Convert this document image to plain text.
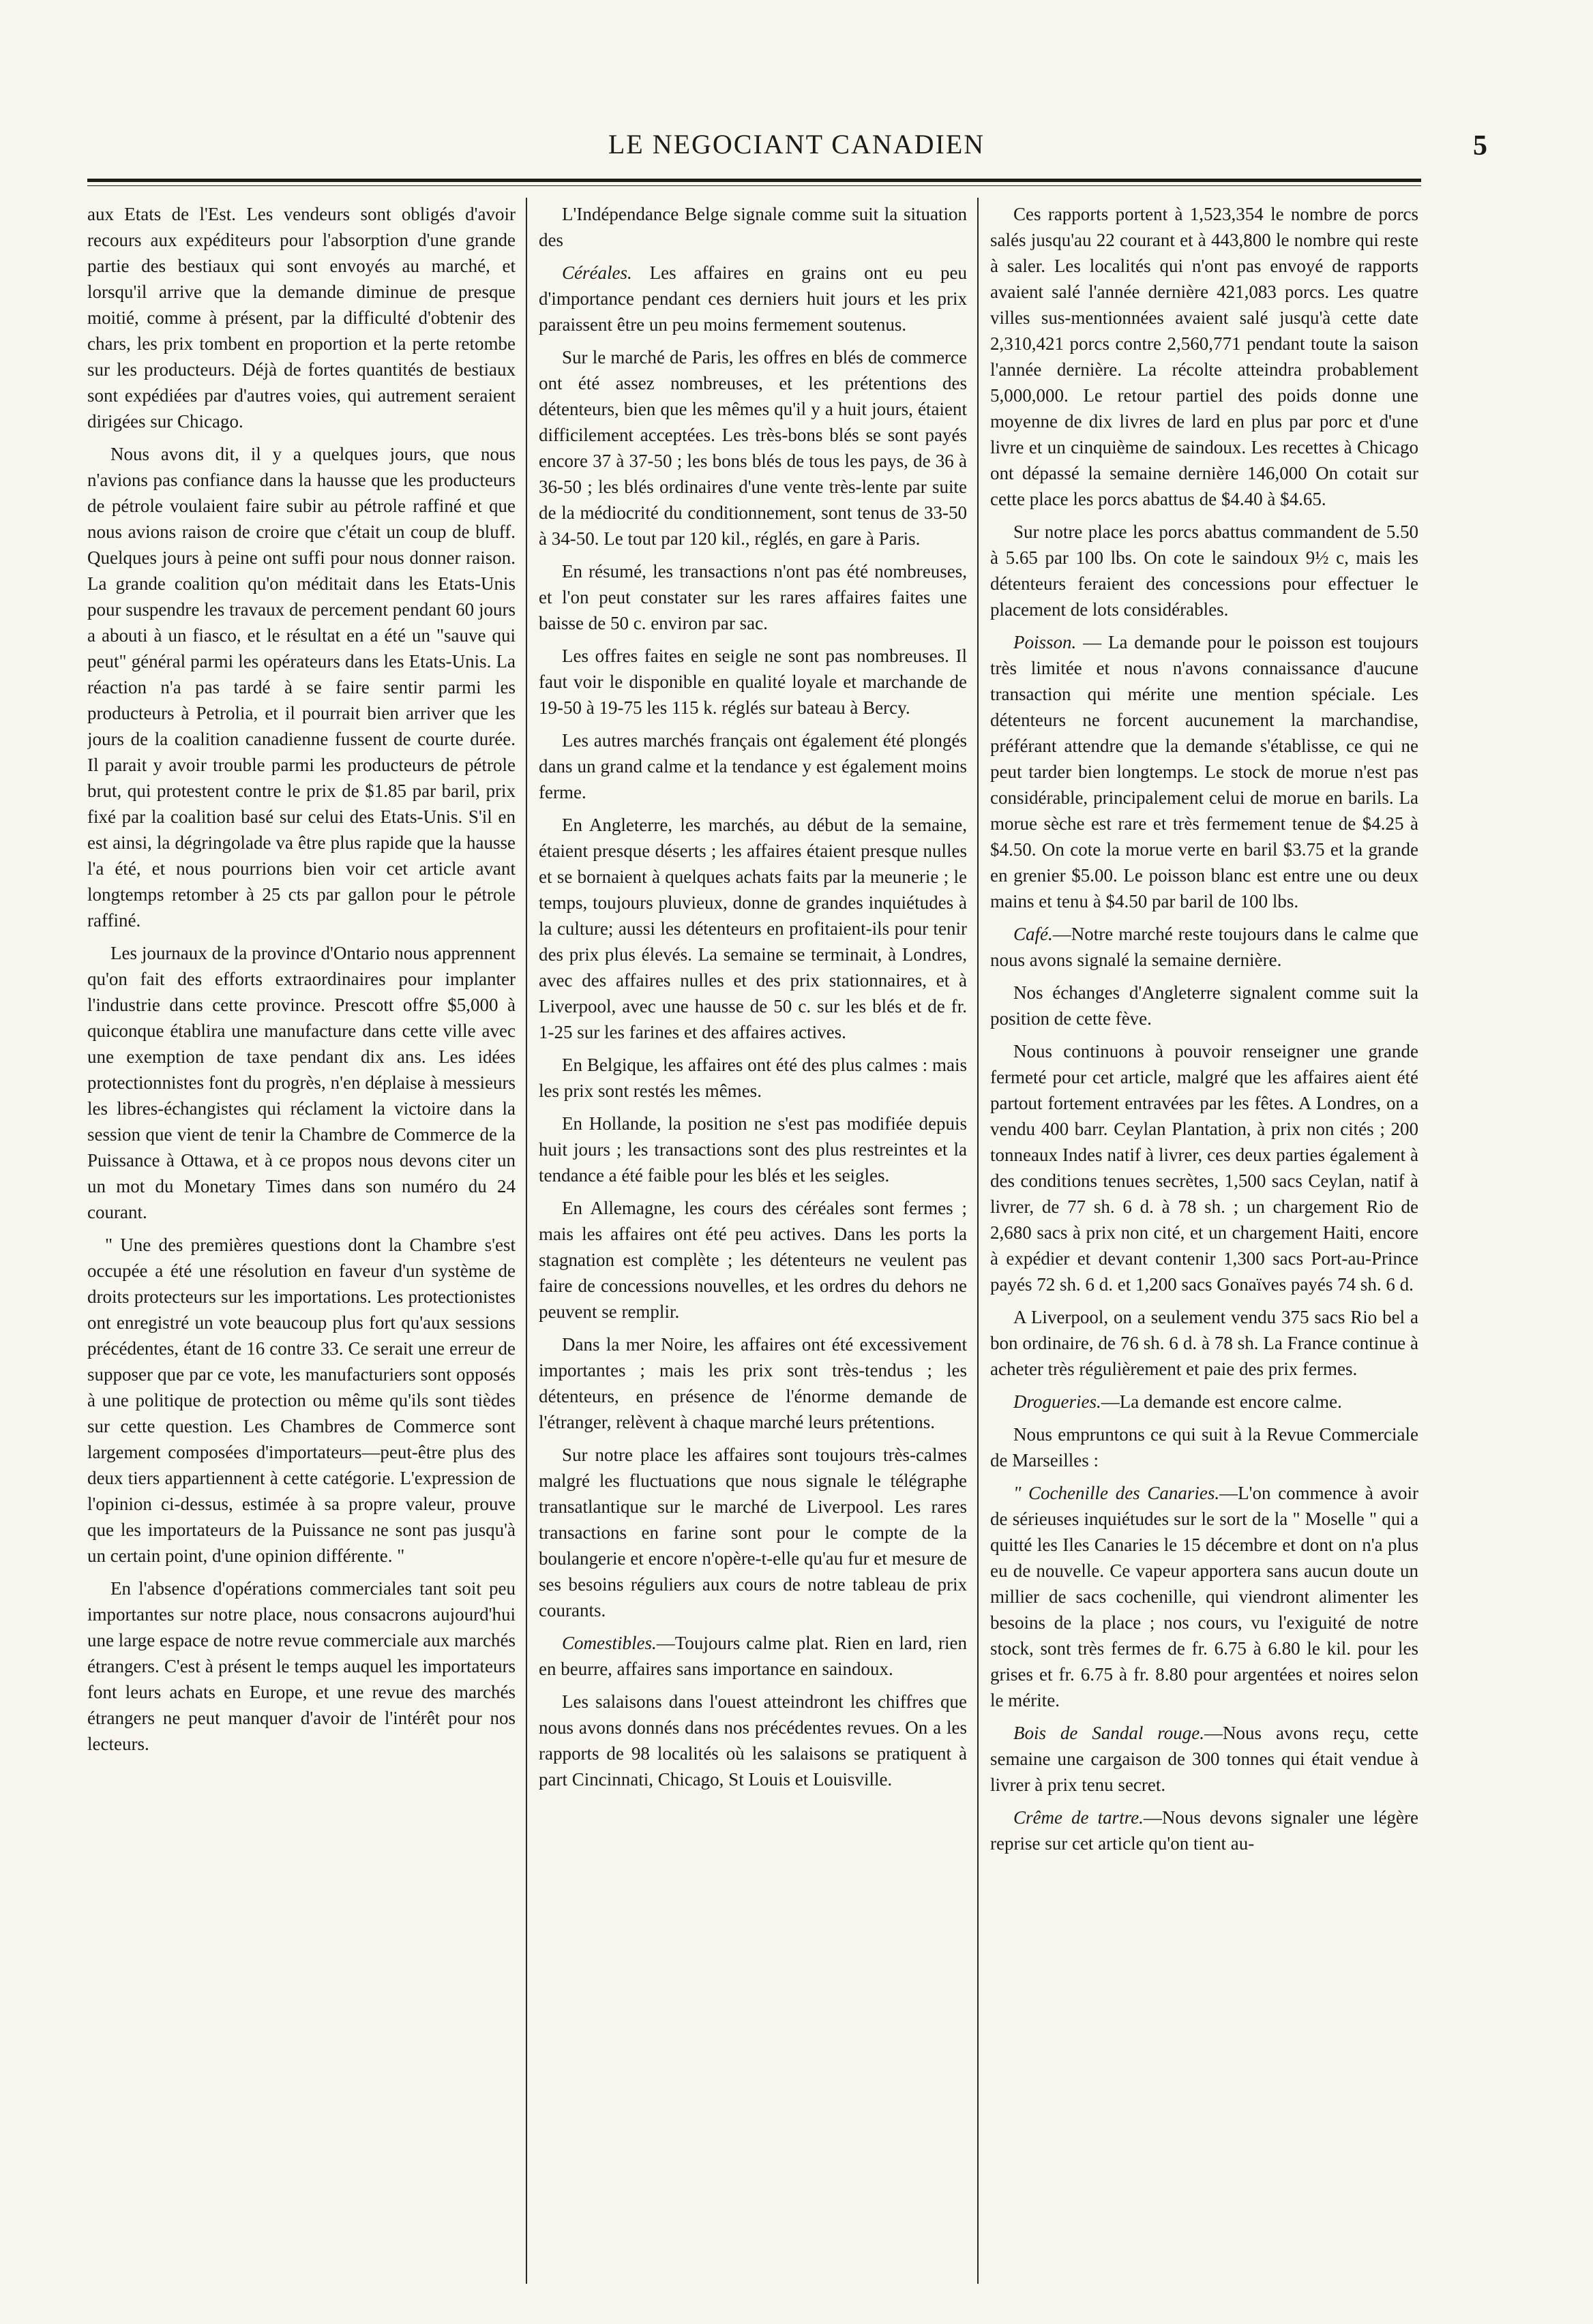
LE NEGOCIANT CANADIEN	5

aux Etats de l'Est. Les vendeurs sont obligés d'avoir recours aux expéditeurs pour l'absorption d'une grande partie des bestiaux qui sont envoyés au marché, et lorsqu'il arrive que la demande diminue de presque moitié, comme à présent, par la difficulté d'obtenir des chars, les prix tombent en proportion et la perte retombe sur les producteurs. Déjà de fortes quantités de bestiaux sont expédiées par d'autres voies, qui autrement seraient dirigées sur Chicago.

Nous avons dit, il y a quelques jours, que nous n'avions pas confiance dans la hausse que les producteurs de pétrole voulaient faire subir au pétrole raffiné et que nous avions raison de croire que c'était un coup de bluff. Quelques jours à peine ont suffi pour nous donner raison. La grande coalition qu'on méditait dans les Etats-Unis pour suspendre les travaux de percement pendant 60 jours a abouti à un fiasco, et le résultat en a été un "sauve qui peut" général parmi les opérateurs dans les Etats-Unis. La réaction n'a pas tardé à se faire sentir parmi les producteurs à Petrolia, et il pourrait bien arriver que les jours de la coalition canadienne fussent de courte durée. Il parait y avoir trouble parmi les producteurs de pétrole brut, qui protestent contre le prix de $1.85 par baril, prix fixé par la coalition basé sur celui des Etats-Unis. S'il en est ainsi, la dégringolade va être plus rapide que la hausse l'a été, et nous pourrions bien voir cet article avant longtemps retomber à 25 cts par gallon pour le pétrole raffiné.

Les journaux de la province d'Ontario nous apprennent qu'on fait des efforts extraordinaires pour implanter l'industrie dans cette province. Prescott offre $5,000 à quiconque établira une manufacture dans cette ville avec une exemption de taxe pendant dix ans. Les idées protectionnistes font du progrès, n'en déplaise à messieurs les libres-échangistes qui réclament la victoire dans la session que vient de tenir la Chambre de Commerce de la Puissance à Ottawa, et à ce propos nous devons citer un un mot du Monetary Times dans son numéro du 24 courant.

" Une des premières questions dont la Chambre s'est occupée a été une résolution en faveur d'un système de droits protecteurs sur les importations. Les protectionistes ont enregistré un vote beaucoup plus fort qu'aux sessions précédentes, étant de 16 contre 33. Ce serait une erreur de supposer que par ce vote, les manufacturiers sont opposés à une politique de protection ou même qu'ils sont tièdes sur cette question. Les Chambres de Commerce sont largement composées d'importateurs—peut-être plus des deux tiers appartiennent à cette catégorie. L'expression de l'opinion ci-dessus, estimée à sa propre valeur, prouve que les importateurs de la Puissance ne sont pas jusqu'à un certain point, d'une opinion différente. "

En l'absence d'opérations commerciales tant soit peu importantes sur notre place, nous consacrons aujourd'hui une large espace de notre revue commerciale aux marchés étrangers. C'est à présent le temps auquel les importateurs font leurs achats en Europe, et une revue des marchés étrangers ne peut manquer d'avoir de l'intérêt pour nos lecteurs.

L'Indépendance Belge signale comme suit la situation des

Céréales. Les affaires en grains ont eu peu d'importance pendant ces derniers huit jours et les prix paraissent être un peu moins fermement soutenus.

Sur le marché de Paris, les offres en blés de commerce ont été assez nombreuses, et les prétentions des détenteurs, bien que les mêmes qu'il y a huit jours, étaient difficilement acceptées. Les très-bons blés se sont payés encore 37 à 37-50 ; les bons blés de tous les pays, de 36 à 36-50 ; les blés ordinaires d'une vente très-lente par suite de la médiocrité du conditionnement, sont tenus de 33-50 à 34-50. Le tout par 120 kil., réglés, en gare à Paris.

En résumé, les transactions n'ont pas été nombreuses, et l'on peut constater sur les rares affaires faites une baisse de 50 c. environ par sac.

Les offres faites en seigle ne sont pas nombreuses. Il faut voir le disponible en qualité loyale et marchande de 19-50 à 19-75 les 115 k. réglés sur bateau à Bercy.

Les autres marchés français ont également été plongés dans un grand calme et la tendance y est également moins ferme.

En Angleterre, les marchés, au début de la semaine, étaient presque déserts ; les affaires étaient presque nulles et se bornaient à quelques achats faits par la meunerie ; le temps, toujours pluvieux, donne de grandes inquiétudes à la culture; aussi les détenteurs en profitaient-ils pour tenir des prix plus élevés. La semaine se terminait, à Londres, avec des affaires nulles et des prix stationnaires, et à Liverpool, avec une hausse de 50 c. sur les blés et de fr. 1-25 sur les farines et des affaires actives.

En Belgique, les affaires ont été des plus calmes : mais les prix sont restés les mêmes.

En Hollande, la position ne s'est pas modifiée depuis huit jours ; les transactions sont des plus restreintes et la tendance a été faible pour les blés et les seigles.

En Allemagne, les cours des céréales sont fermes ; mais les affaires ont été peu actives. Dans les ports la stagnation est complète ; les détenteurs ne veulent pas faire de concessions nouvelles, et les ordres du dehors ne peuvent se remplir.

Dans la mer Noire, les affaires ont été excessivement importantes ; mais les prix sont très-tendus ; les détenteurs, en présence de l'énorme demande de l'étranger, relèvent à chaque marché leurs prétentions.

Sur notre place les affaires sont toujours très-calmes malgré les fluctuations que nous signale le télégraphe transatlantique sur le marché de Liverpool. Les rares transactions en farine sont pour le compte de la boulangerie et encore n'opère-t-elle qu'au fur et mesure de ses besoins réguliers aux cours de notre tableau de prix courants.

Comestibles.—Toujours calme plat. Rien en lard, rien en beurre, affaires sans importance en saindoux.

Les salaisons dans l'ouest atteindront les chiffres que nous avons donnés dans nos précédentes revues. On a les rapports de 98 localités où les salaisons se pratiquent à part Cincinnati, Chicago, St Louis et Louisville.

Ces rapports portent à 1,523,354 le nombre de porcs salés jusqu'au 22 courant et à 443,800 le nombre qui reste à saler. Les localités qui n'ont pas envoyé de rapports avaient salé l'année dernière 421,083 porcs. Les quatre villes sus-mentionnées avaient salé jusqu'à cette date 2,310,421 porcs contre 2,560,771 pendant toute la saison l'année dernière. La récolte atteindra probablement 5,000,000. Le retour partiel des poids donne une moyenne de dix livres de lard en plus par porc et d'une livre et un cinquième de saindoux. Les recettes à Chicago ont dépassé la semaine dernière 146,000 On cotait sur cette place les porcs abattus de $4.40 à $4.65.

Sur notre place les porcs abattus commandent de 5.50 à 5.65 par 100 lbs. On cote le saindoux 9½ c, mais les détenteurs feraient des concessions pour effectuer le placement de lots considérables.

Poisson. — La demande pour le poisson est toujours très limitée et nous n'avons connaissance d'aucune transaction qui mérite une mention spéciale. Les détenteurs ne forcent aucunement la marchandise, préférant attendre que la demande s'établisse, ce qui ne peut tarder bien longtemps. Le stock de morue n'est pas considérable, principalement celui de morue en barils. La morue sèche est rare et très fermement tenue de $4.25 à $4.50. On cote la morue verte en baril $3.75 et la grande en grenier $5.00. Le poisson blanc est entre une ou deux mains et tenu à $4.50 par baril de 100 lbs.

Café.—Notre marché reste toujours dans le calme que nous avons signalé la semaine dernière.

Nos échanges d'Angleterre signalent comme suit la position de cette fève.

Nous continuons à pouvoir renseigner une grande fermeté pour cet article, malgré que les affaires aient été partout fortement entravées par les fêtes. A Londres, on a vendu 400 barr. Ceylan Plantation, à prix non cités ; 200 tonneaux Indes natif à livrer, ces deux parties également à des conditions tenues secrètes, 1,500 sacs Ceylan, natif à livrer, de 77 sh. 6 d. à 78 sh. ; un chargement Rio de 2,680 sacs à prix non cité, et un chargement Haiti, encore à expédier et devant contenir 1,300 sacs Port-au-Prince payés 72 sh. 6 d. et 1,200 sacs Gonaïves payés 74 sh. 6 d.

A Liverpool, on a seulement vendu 375 sacs Rio bel a bon ordinaire, de 76 sh. 6 d. à 78 sh. La France continue à acheter très régulièrement et paie des prix fermes.

Drogueries.—La demande est encore calme.

Nous empruntons ce qui suit à la Revue Commerciale de Marseilles :

" Cochenille des Canaries.—L'on commence à avoir de sérieuses inquiétudes sur le sort de la " Moselle " qui a quitté les Iles Canaries le 15 décembre et dont on n'a plus eu de nouvelle. Ce vapeur apportera sans aucun doute un millier de sacs cochenille, qui viendront alimenter les besoins de la place ; nos cours, vu l'exiguité de notre stock, sont très fermes de fr. 6.75 à 6.80 le kil. pour les grises et fr. 6.75 à fr. 8.80 pour argentées et noires selon le mérite.

Bois de Sandal rouge.—Nous avons reçu, cette semaine une cargaison de 300 tonnes qui était vendue à livrer à prix tenu secret.

Crême de tartre.—Nous devons signaler une légère reprise sur cet article qu'on tient au-
